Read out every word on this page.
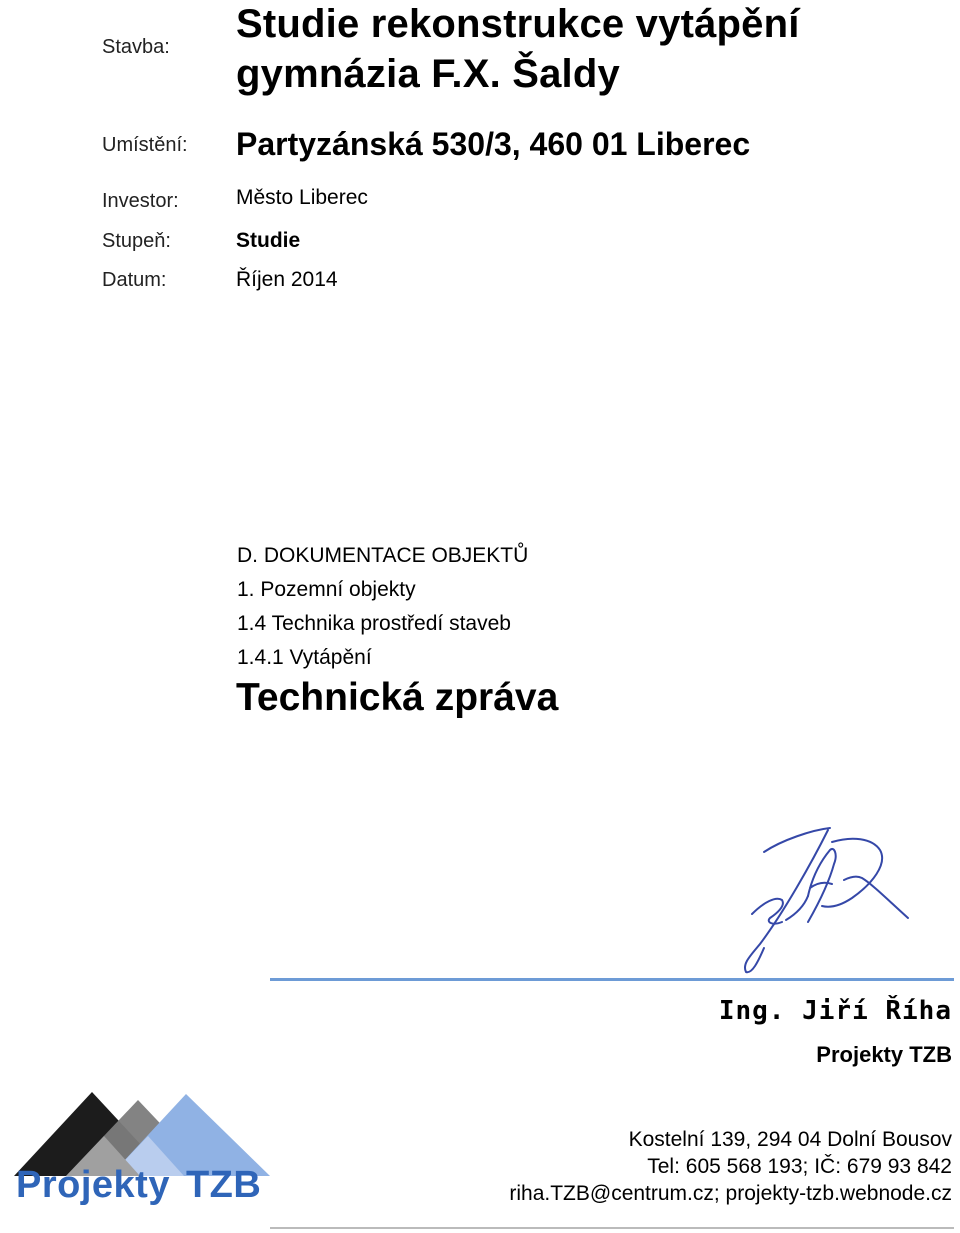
Stavba:
Studie rekonstrukce vytápění
gymnázia F.X. Šaldy
Umístění: Partyzánská 530/3, 460 01 Liberec
Investor:	Město Liberec
Stupeň:	Studie
Datum:	Říjen 2014
D. DOKUMENTACE OBJEKTŮ
1. Pozemní objekty
1.4 Technika prostředí staveb
1.4.1 Vytápění
Technická zpráva
Ing. Jiří Říha
Projekty TZB
Kostelní 139, 294 04 Dolní Bousov
Tel: 605 568 193; IČ: 679 93 842
riha.TZB@centrum.cz; projekty-tzb.webnode.cz
Projekty TZB
